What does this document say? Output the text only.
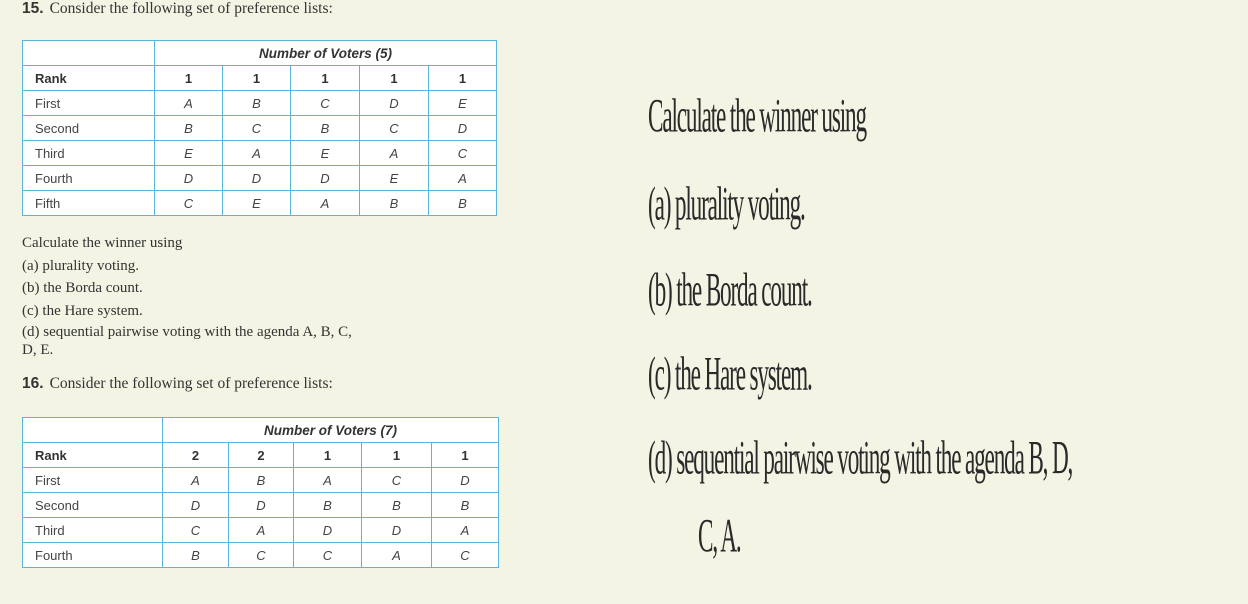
15. Consider the following set of preference lists:
	Number of Voters (5)				
Rank	1	1	1	1	1
First	A	B	C	D	E
Second	B	C	B	C	D
Third	E	A	E	A	C
Fourth	D	D	D	E	A
Fifth	C	E	A	B	B
Calculate the winner using
(a) plurality voting.
(b) the Borda count.
(c) the Hare system.
(d) sequential pairwise voting with the agenda A, B, C,
D, E.
16. Consider the following set of preference lists:
	Number of Voters (7)				
Rank	2	2	1	1	1
First	A	B	A	C	D
Second	D	D	B	B	B
Third	C	A	D	D	A
Fourth	B	C	C	A	C
Calculate the winner using
(a) plurality voting.
(b) the Borda count.
(c) the Hare system.
(d) sequential pairwise voting with the agenda B, D,
C, A.
